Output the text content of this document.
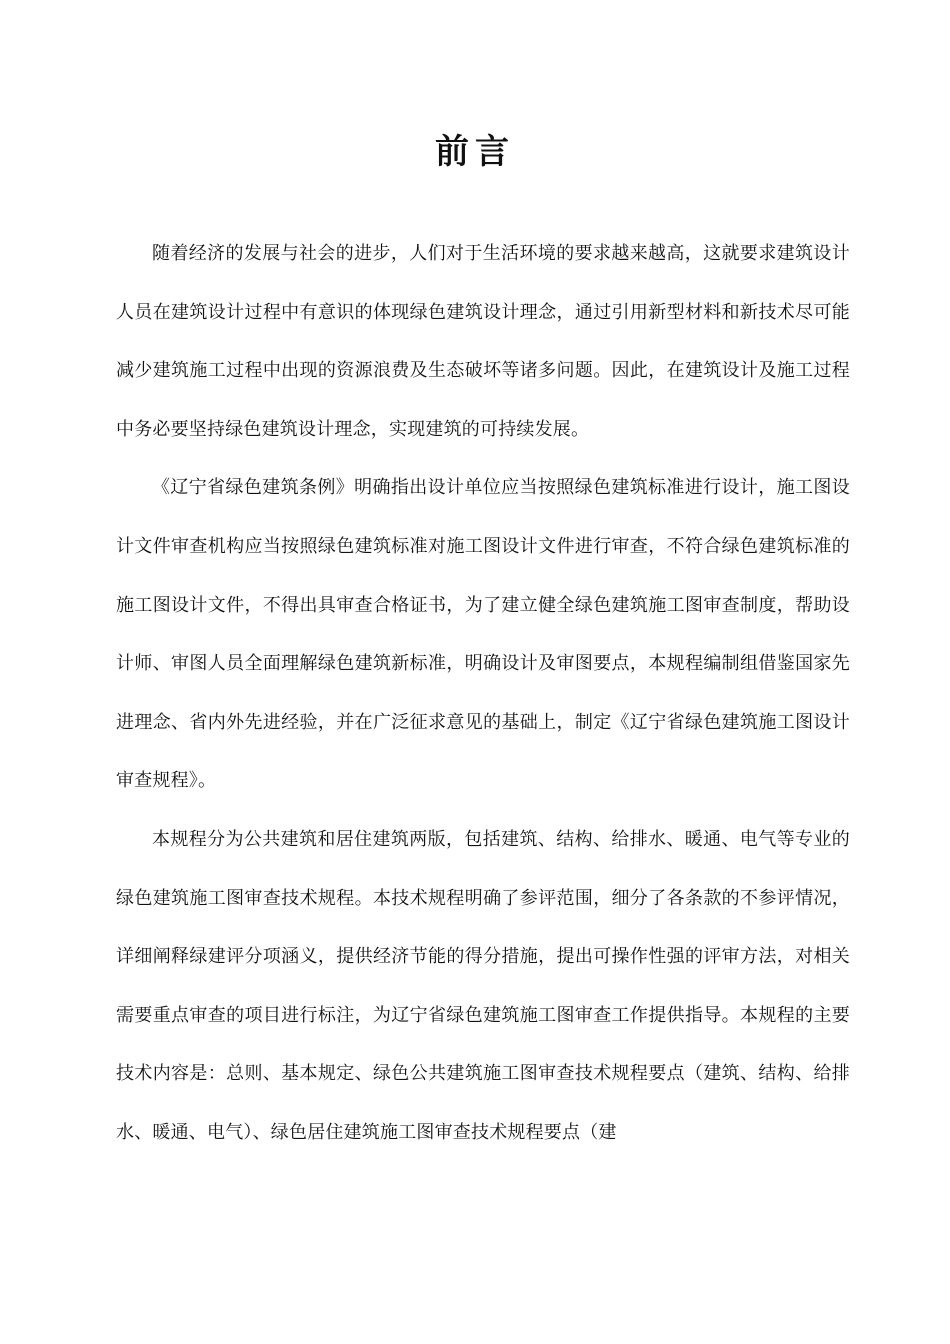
前言

随着经济的发展与社会的进步，人们对于生活环境的要求越来越高，这就要求建筑设计人员在建筑设计过程中有意识的体现绿色建筑设计理念，通过引用新型材料和新技术尽可能减少建筑施工过程中出现的资源浪费及生态破坏等诸多问题。因此，在建筑设计及施工过程中务必要坚持绿色建筑设计理念，实现建筑的可持续发展。

《辽宁省绿色建筑条例》明确指出设计单位应当按照绿色建筑标准进行设计，施工图设计文件审查机构应当按照绿色建筑标准对施工图设计文件进行审查，不符合绿色建筑标准的施工图设计文件，不得出具审查合格证书，为了建立健全绿色建筑施工图审查制度，帮助设计师、审图人员全面理解绿色建筑新标准，明确设计及审图要点，本规程编制组借鉴国家先进理念、省内外先进经验，并在广泛征求意见的基础上，制定《辽宁省绿色建筑施工图设计审查规程》。

本规程分为公共建筑和居住建筑两版，包括建筑、结构、给排水、暖通、电气等专业的绿色建筑施工图审查技术规程。本技术规程明确了参评范围，细分了各条款的不参评情况，详细阐释绿建评分项涵义，提供经济节能的得分措施，提出可操作性强的评审方法，对相关需要重点审查的项目进行标注，为辽宁省绿色建筑施工图审查工作提供指导。本规程的主要技术内容是：总则、基本规定、绿色公共建筑施工图审查技术规程要点（建筑、结构、给排水、暖通、电气）、绿色居住建筑施工图审查技术规程要点（建
